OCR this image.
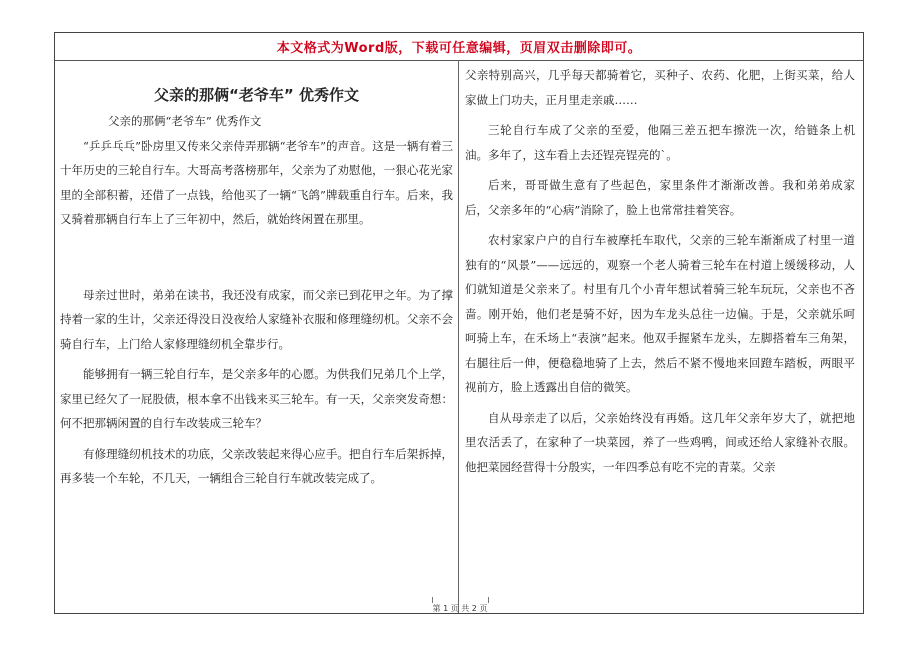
本文格式为Word版，下载可任意编辑，页眉双击删除即可。
父亲的那俩“老爷车” 优秀作文

父亲的那俩“老爷车” 优秀作文

“乒乒乓乓”卧房里又传来父亲侍弄那辆“老爷车”的声音。这是一辆有着三十年历史的三轮自行车。大哥高考落榜那年，父亲为了劝慰他，一狠心花光家里的全部积蓄，还借了一点钱，给他买了一辆“飞鸽”牌载重自行车。后来，我又骑着那辆自行车上了三年初中，然后，就始终闲置在那里。

母亲过世时，弟弟在读书，我还没有成家，而父亲已到花甲之年。为了撑持着一家的生计，父亲还得没日没夜给人家缝补衣服和修理缝纫机。父亲不会骑自行车，上门给人家修理缝纫机全靠步行。

能够拥有一辆三轮自行车，是父亲多年的心愿。为供我们兄弟几个上学，家里已经欠了一屁股债，根本拿不出钱来买三轮车。有一天，父亲突发奇想：何不把那辆闲置的自行车改装成三轮车？

有修理缝纫机技术的功底，父亲改装起来得心应手。把自行车后架拆掉，再多装一个车轮，不几天，一辆组合三轮自行车就改装完成了。

父亲特别高兴，几乎每天都骑着它，买种子、农药、化肥，上街买菜，给人家做上门功夫，正月里走亲戚……

三轮自行车成了父亲的至爱，他隔三差五把车擦洗一次，给链条上机油。多年了，这车看上去还锃亮锃亮的`。

后来，哥哥做生意有了些起色，家里条件才渐渐改善。我和弟弟成家后，父亲多年的“心病”消除了，脸上也常常挂着笑容。

农村家家户户的自行车被摩托车取代，父亲的三轮车渐渐成了村里一道独有的“风景”——远远的，观察一个老人骑着三轮车在村道上缓缓移动，人们就知道是父亲来了。村里有几个小青年想试着骑三轮车玩玩，父亲也不吝啬。刚开始，他们老是骑不好，因为车龙头总往一边偏。于是，父亲就乐呵呵骑上车，在禾场上“表演”起来。他双手握紧车龙头，左脚搭着车三角架，右腿往后一伸，便稳稳地骑了上去，然后不紧不慢地来回蹬车踏板，两眼平视前方，脸上透露出自信的微笑。

自从母亲走了以后，父亲始终没有再婚。这几年父亲年岁大了，就把地里农活丢了，在家种了一块菜园，养了一些鸡鸭，间或还给人家缝补衣服。他把菜园经营得十分殷实，一年四季总有吃不完的青菜。父亲

第 1 页 共 2 页
